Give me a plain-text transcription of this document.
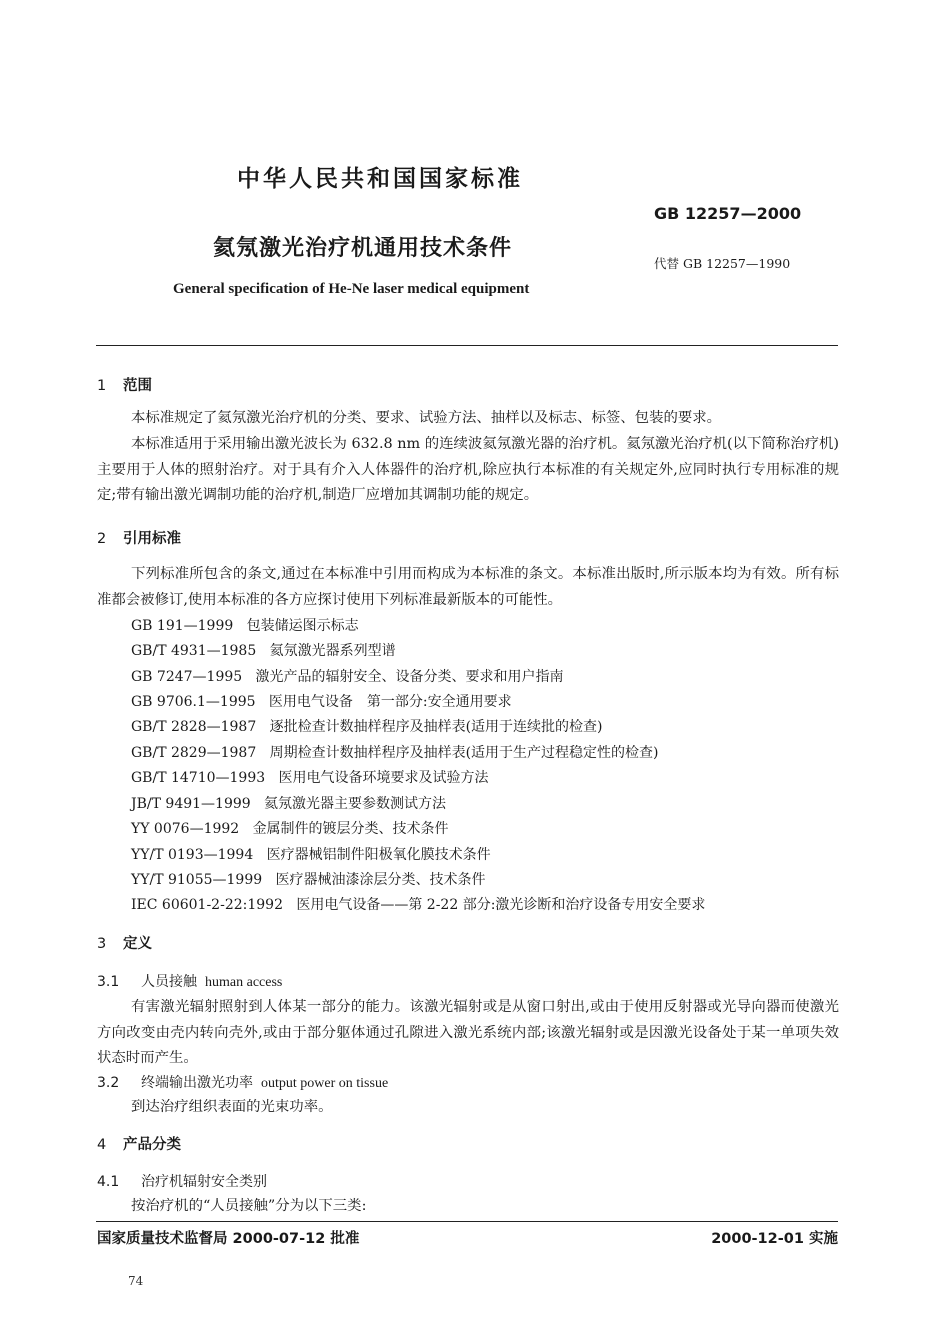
中华人民共和国国家标准
GB 12257—2000
氦氖激光治疗机通用技术条件
代替 GB 12257—1990
General specification of He-Ne laser medical equipment
1 范围
本标准规定了氦氖激光治疗机的分类、要求、试验方法、抽样以及标志、标签、包装的要求。
本标准适用于采用输出激光波长为 632.8 nm 的连续波氦氖激光器的治疗机。氦氖激光治疗机(以下简称治疗机)主要用于人体的照射治疗。对于具有介入人体器件的治疗机,除应执行本标准的有关规定外,应同时执行专用标准的规定;带有输出激光调制功能的治疗机,制造厂应增加其调制功能的规定。
2 引用标准
下列标准所包含的条文,通过在本标准中引用而构成为本标准的条文。本标准出版时,所示版本均为有效。所有标准都会被修订,使用本标准的各方应探讨使用下列标准最新版本的可能性。
GB 191—1999 包装储运图示标志
GB/T 4931—1985 氦氖激光器系列型谱
GB 7247—1995 激光产品的辐射安全、设备分类、要求和用户指南
GB 9706.1—1995 医用电气设备　第一部分:安全通用要求
GB/T 2828—1987 逐批检查计数抽样程序及抽样表(适用于连续批的检查)
GB/T 2829—1987 周期检查计数抽样程序及抽样表(适用于生产过程稳定性的检查)
GB/T 14710—1993 医用电气设备环境要求及试验方法
JB/T 9491—1999 氦氖激光器主要参数测试方法
YY 0076—1992 金属制件的镀层分类、技术条件
YY/T 0193—1994 医疗器械铝制件阳极氧化膜技术条件
YY/T 91055—1999 医疗器械油漆涂层分类、技术条件
IEC 60601-2-22:1992 医用电气设备——第 2-22 部分:激光诊断和治疗设备专用安全要求
3 定义
3.1 人员接触 human access
有害激光辐射照射到人体某一部分的能力。该激光辐射或是从窗口射出,或由于使用反射器或光导向器而使激光方向改变由壳内转向壳外,或由于部分躯体通过孔隙进入激光系统内部;该激光辐射或是因激光设备处于某一单项失效状态时而产生。
3.2 终端输出激光功率 output power on tissue
到达治疗组织表面的光束功率。
4 产品分类
4.1 治疗机辐射安全类别
按治疗机的“人员接触”分为以下三类:
国家质量技术监督局 2000-07-12 批准	2000-12-01 实施
74
